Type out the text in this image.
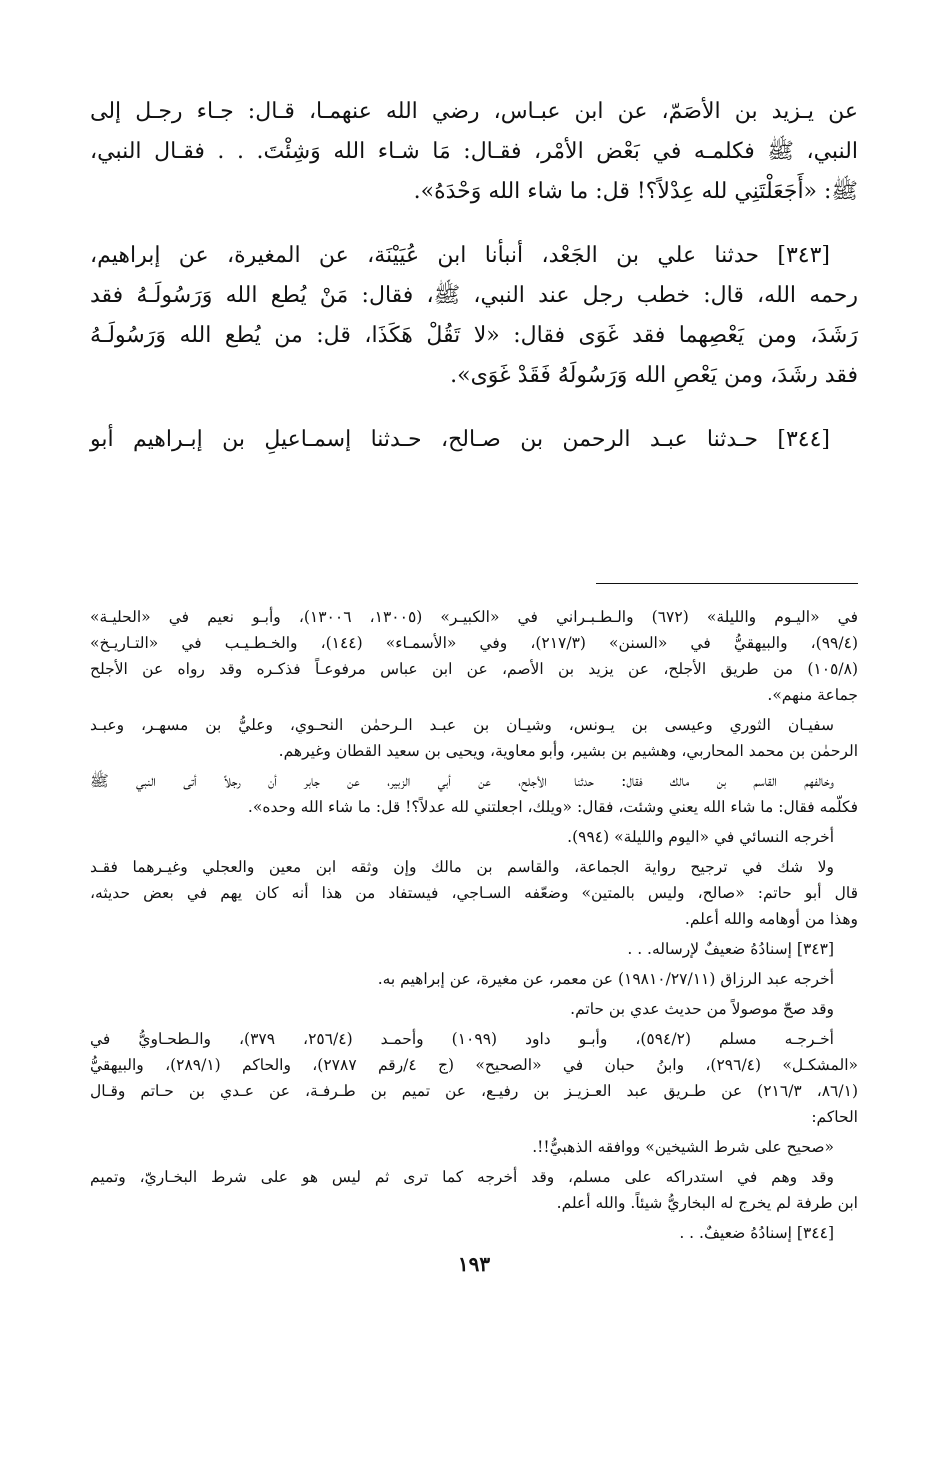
عن يـزيد بن الأصَمّ، عن ابن عبـاس، رضي الله عنهمـا، قـال: جـاء رجـل إلى
النبي، ﷺ فكلمـه في بَعْض الأمْر، فقـال: مَا شـاء الله وَشِئْتَ. . . فقـال النبي،
ﷺ: «أَجَعَلْتَنِي لله عِدْلاً؟! قل: ما شاء الله وَحْدَهُ».

[٣٤٣] حدثنا علي بن الجَعْد، أنبأنا ابن عُيَيْنَة، عن المغيرة، عن إبراهيم،
رحمه الله، قال: خطب رجل عند النبي، ﷺ، فقال: مَنْ يُطع الله وَرَسُولَـهُ فقد
رَشَدَ، ومن يَعْصِهما فقد غَوَى فقال: «لا تَقُلْ هَكَذَا، قل: من يُطع الله وَرَسُولَـهُ
فقد رشَدَ، ومن يَعْصِ الله وَرَسُولَهُ فَقَدْ غَوَى».

[٣٤٤] حـدثنا عبـد الرحمن بن صـالح، حـدثنا إسمـاعيلِ بن إبـراهيم أبو

في «اليـوم والليلة» (٦٧٢) والـطـبـراني في «الكبيـر» (١٣٠٠٥، ١٣٠٠٦)، وأبـو نعيم في «الحليـة»
(٩٩/٤)، والبيهقيُّ في «السنن» (٢١٧/٣)، وفي «الأسمـاء» (١٤٤)، والخـطـيـب في «التـاريـخ»
(١٠٥/٨) من طريق الأجلح، عن يزيد بن الأصم، عن ابن عباس مرفوعـاً فذكـره وقد رواه عن الأجلح
جماعة منهم».

سفيـان الثوري وعيسى بن يـونس، وشيـان بن عبـد الـرحمٰن النحـوي، وعليُّ بن مسهـر، وعبـد
الرحمٰن بن محمد المحاربي، وهشيم بن بشير، وأبو معاوية، ويحيى بن سعيد القطان وغيرهم.

وخالفهم القاسم بن مالك فقال: حدثنا الأجلح، عن أبي الزبير، عن جابر أن رجلاً أتى النبي ﷺ
فكلّمه فقال: ما شاء الله يعني وشئت، فقال: «ويلك، اجعلتني لله عدلاً؟! قل: ما شاء الله وحده».

أخرجه النسائي في «اليوم والليلة» (٩٩٤).

ولا شك في ترجيح رواية الجماعة، والقاسم بن مالك وإن وثقه ابن معين والعجلي وغيـرهما فقـد
قال أبو حاتم: «صالح، وليس بالمتين» وضعّفه السـاجي، فيستفاد من هذا أنه كان يهم في بعض حديثه،
وهذا من أوهامه والله أعلم.

[٣٤٣] إسنادُهُ ضعيفٌ لإرساله. . .

أخرجه عبد الرزاق (١٩٨١٠/٢٧/١١) عن معمر، عن مغيرة، عن إبراهيم به.

وقد صحّ موصولاً من حديث عدي بن حاتم.

أخـرجـه مسلم (٥٩٤/٢)، وأبـو داود (١٠٩٩) وأحمـد (٢٥٦/٤، ٣٧٩)، والـطحـاويُّ في
«المشكـل» (٢٩٦/٤)، وابنُ حبان في «الصحيح» (ج ٤/رقم ٢٧٨٧)، والحاكم (٢٨٩/١)، والبيهقيُّ
(٨٦/١، ٢١٦/٣) عن طـريق عبد العـزيـز بن رفيـع، عن تميم بن طـرفـة، عن عـدي بن حـاتم وقـال
الحاكم:

«صحيح على شرط الشيخين» ووافقه الذهبيُّ!!.

وقد وهم في استدراكه على مسلم، وقد أخرجه كما ترى ثم ليس هو على شرط البخـاريّ، وتميم
ابن طرفة لم يخرج له البخاريُّ شيئاً. والله أعلم.

[٣٤٤] إسنادُهُ ضعيفٌ. . .

١٩٣
